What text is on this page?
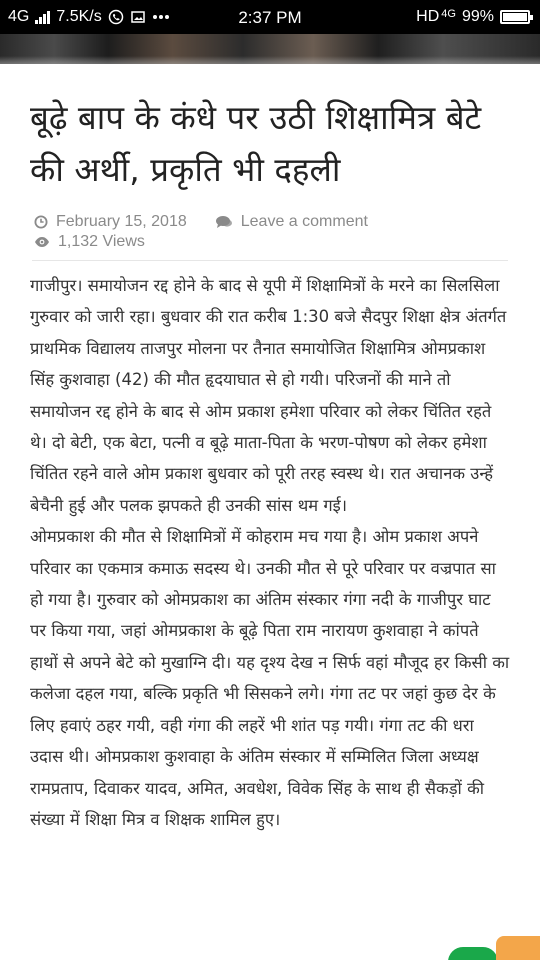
4G 7.5K/s	2:37 PM	HD 4G 99%
बूढ़े बाप के कंधे पर उठी शिक्षामित्र बेटे की अर्थी, प्रकृति भी दहली
February 15, 2018	Leave a comment
1,132 Views

गाजीपुर। समायोजन रद्द होने के बाद से यूपी में शिक्षामित्रों के मरने का सिलसिला गुरुवार को जारी रहा। बुधवार की रात करीब 1:30 बजे सैदपुर शिक्षा क्षेत्र अंतर्गत प्राथमिक विद्यालय ताजपुर मोलना पर तैनात समायोजित शिक्षामित्र ओमप्रकाश सिंह कुशवाहा (42) की मौत हृदयाघात से हो गयी। परिजनों की माने तो समायोजन रद्द होने के बाद से ओम प्रकाश हमेशा परिवार को लेकर चिंतित रहते थे। दो बेटी, एक बेटा, पत्नी व बूढ़े माता-पिता के भरण-पोषण को लेकर हमेशा चिंतित रहने वाले ओम प्रकाश बुधवार को पूरी तरह स्वस्थ थे। रात अचानक उन्हें बेचैनी हुई और पलक झपकते ही उनकी सांस थम गई।

ओमप्रकाश की मौत से शिक्षामित्रों में कोहराम मच गया है। ओम प्रकाश अपने परिवार का एकमात्र कमाऊ सदस्य थे। उनकी मौत से पूरे परिवार पर वज्रपात सा हो गया है। गुरुवार को ओमप्रकाश का अंतिम संस्कार गंगा नदी के गाजीपुर घाट पर किया गया, जहां ओमप्रकाश के बूढ़े पिता राम नारायण कुशवाहा ने कांपते हाथों से अपने बेटे को मुखाग्नि दी। यह दृश्य देख न सिर्फ वहां मौजूद हर किसी का कलेजा दहल गया, बल्कि प्रकृति भी सिसकने लगे। गंगा तट पर जहां कुछ देर के लिए हवाएं ठहर गयी, वही गंगा की लहरें भी शांत पड़ गयी। गंगा तट की धरा उदास थी। ओमप्रकाश कुशवाहा के अंतिम संस्कार में सम्मिलित जिला अध्यक्ष रामप्रताप, दिवाकर यादव, अमित, अवधेश, विवेक सिंह के साथ ही सैकड़ों की संख्या में शिक्षा मित्र व शिक्षक शामिल हुए।
